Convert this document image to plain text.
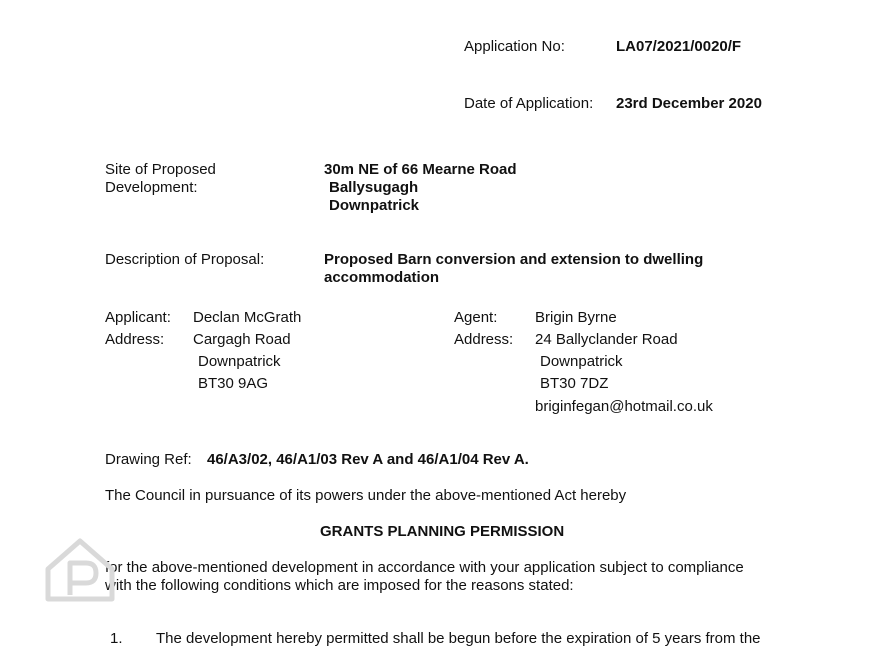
Application No:	LA07/2021/0020/F
Date of Application: 23rd December 2020
Site of Proposed
Development:
30m NE of 66 Mearne Road
Ballysugagh
Downpatrick
Description of Proposal:	Proposed Barn conversion and extension to dwelling
accommodation
Applicant: Declan McGrath
Address: Cargagh Road
Downpatrick
BT30 9AG
Agent:	Brigin Byrne
Address: 24 Ballyclander Road
Downpatrick
BT30 7DZ
briginfegan@hotmail.co.uk
Drawing Ref: 46/A3/02, 46/A1/03 Rev A and 46/A1/04 Rev A.
The Council in pursuance of its powers under the above-mentioned Act hereby
GRANTS PLANNING PERMISSION
for the above-mentioned development in accordance with your application subject to compliance
with the following conditions which are imposed for the reasons stated:
1. The development hereby permitted shall be begun before the expiration of 5 years from the
